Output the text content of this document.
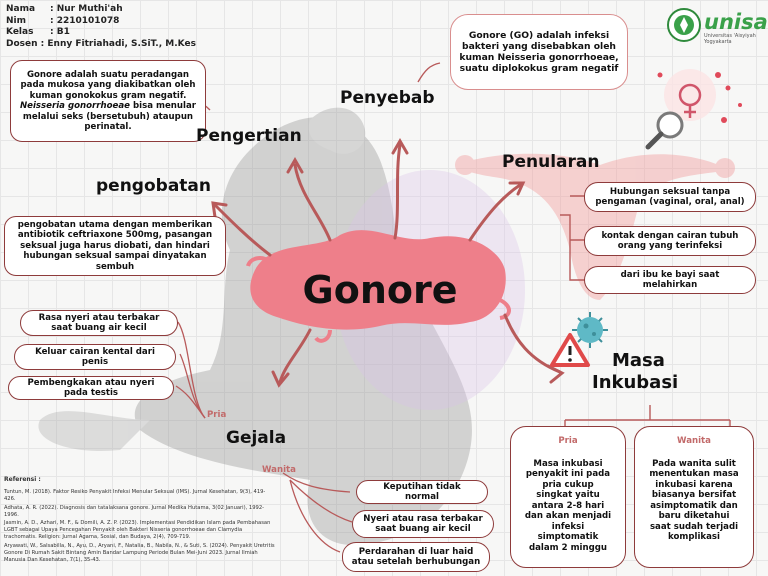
Nama : Nur Muthi'ah
Nim	: 2210101078
Kelas : B1
Dosen : Enny Fitriahadi, S.SiT., M.Kes
unisa
Universitas 'Aisyiyah
Yogyakarta
Gonore adalah suatu peradangan pada mukosa yang diakibatkan oleh kuman gonokokus gram negatif. Neisseria gonorrhoeae bisa menular melalui seks (bersetubuh) ataupun perinatal.	Pengertian
Gonore (GO) adalah infeksi bakteri yang disebabkan oleh kuman Neisseria gonorrhoeae, suatu diplokokus gram negatif
Penyebab
Penularan
Hubungan seksual tanpa pengaman (vaginal, oral, anal)
kontak dengan cairan tubuh orang yang terinfeksi
dari ibu ke bayi saat melahirkan
pengobatan
pengobatan utama dengan memberikan antibiotik ceftriaxone 500mg, pasangan seksual juga harus diobati, dan hindari hubungan seksual sampai dinyatakan sembuh
Gonore
Rasa nyeri atau terbakar saat buang air kecil
Keluar cairan kental dari penis
Pembengkakan atau nyeri pada testis
Pria
Gejala
Wanita
Keputihan tidak normal
Nyeri atau rasa terbakar saat buang air kecil
Perdarahan di luar haid atau setelah berhubungan
Masa
Inkubasi
Pria
Masa inkubasi penyakit ini pada pria cukup singkat yaitu antara 2-8 hari dan akan menjadi infeksi simptomatik dalam 2 minggu
Wanita
Pada wanita sulit menentukan masa inkubasi karena biasanya bersifat asimptomatik dan baru diketahui saat sudah terjadi komplikasi
Referensi :

Tuntun, M. (2018). Faktor Resiko Penyakit Infeksi Menular Seksual (IMS). Jurnal Kesehatan, 9(3), 419-426.

Adhata, A. R. (2022). Diagnosis dan tatalaksana gonore. Jurnal Medika Hutama, 3(02 Januari), 1992-1996.

Jasmin, A. D., Azhari, M. F., & Domili, A. Z. P. (2023). Implementasi Pendidikan Islam pada Pembahasan LGBT sebagai Upaya Pencegahan Penyakit oleh Bakteri Nisseria gonorrhoeae dan Clamydia trachomatis. Religion: Jurnal Agama, Sosial, dan Budaya, 2(4), 709-719.

Aryawati, W., Salsabilla, N., Ayu, D., Aryani, F., Natalia, B., Nabila, N., & Suti, S. (2024). Penyakit Uretritis Gonore Di Rumah Sakit Bintang Amin Bandar Lampung Periode Bulan Mei-Juni 2023. Jurnal Ilmiah Manusia Dan Kesehatan, 7(1), 35-43.
